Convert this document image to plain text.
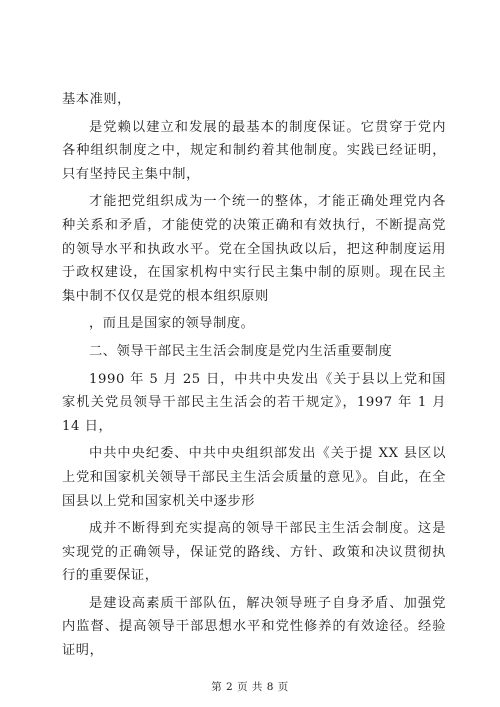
基本准则，

是党赖以建立和发展的最基本的制度保证。它贯穿于党内各种组织制度之中，规定和制约着其他制度。实践已经证明，只有坚持民主集中制，

才能把党组织成为一个统一的整体，才能正确处理党内各种关系和矛盾，才能使党的决策正确和有效执行，不断提高党的领导水平和执政水平。党在全国执政以后，把这种制度运用于政权建设，在国家机构中实行民主集中制的原则。现在民主集中制不仅仅是党的根本组织原则

，而且是国家的领导制度。

二、领导干部民主生活会制度是党内生活重要制度

1990 年 5 月 25 日，中共中央发出《关于县以上党和国家机关党员领导干部民主生活会的若干规定》，1997 年 1 月 14 日，

中共中央纪委、中共中央组织部发出《关于提 XX 县区以上党和国家机关领导干部民主生活会质量的意见》。自此，在全国县以上党和国家机关中逐步形

成并不断得到充实提高的领导干部民主生活会制度。这是实现党的正确领导，保证党的路线、方针、政策和决议贯彻执行的重要保证，

是建设高素质干部队伍，解决领导班子自身矛盾、加强党内监督、提高领导干部思想水平和党性修养的有效途径。经验证明，

第 2 页 共 8 页
